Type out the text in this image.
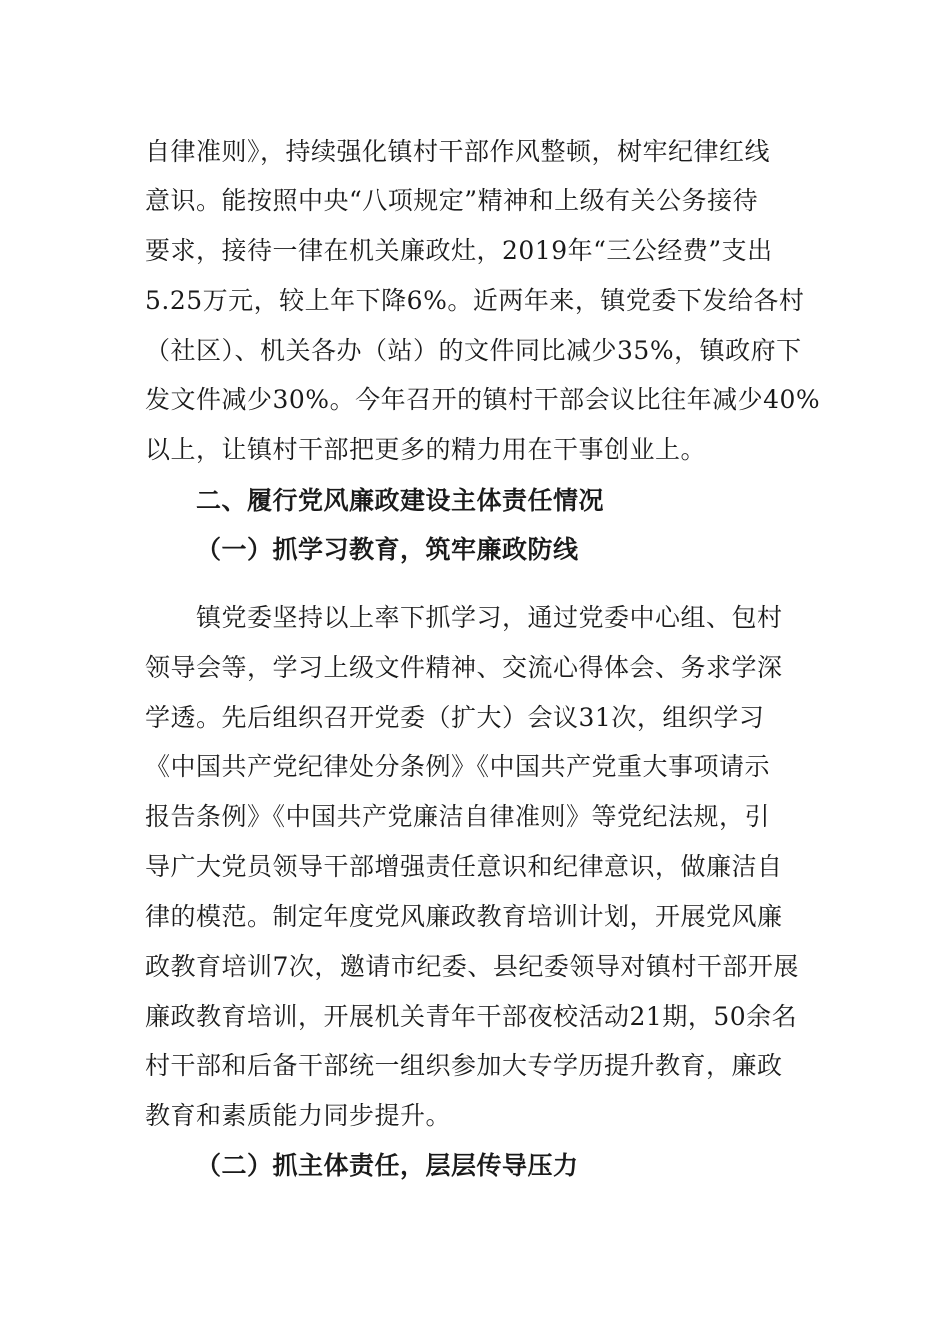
自律准则》，持续强化镇村干部作风整顿，树牢纪律红线
意识。能按照中央“八项规定”精神和上级有关公务接待
要求，接待一律在机关廉政灶，2019年“三公经费”支出
5.25万元，较上年下降6%。近两年来，镇党委下发给各村
（社区）、机关各办（站）的文件同比减少35%，镇政府下
发文件减少30%。今年召开的镇村干部会议比往年减少40%
以上，让镇村干部把更多的精力用在干事创业上。
二、履行党风廉政建设主体责任情况
（一）抓学习教育，筑牢廉政防线
镇党委坚持以上率下抓学习，通过党委中心组、包村
领导会等，学习上级文件精神、交流心得体会、务求学深
学透。先后组织召开党委（扩大）会议31次，组织学习
《中国共产党纪律处分条例》《中国共产党重大事项请示
报告条例》《中国共产党廉洁自律准则》等党纪法规，引
导广大党员领导干部增强责任意识和纪律意识，做廉洁自
律的模范。制定年度党风廉政教育培训计划，开展党风廉
政教育培训7次，邀请市纪委、县纪委领导对镇村干部开展
廉政教育培训，开展机关青年干部夜校活动21期，50余名
村干部和后备干部统一组织参加大专学历提升教育，廉政
教育和素质能力同步提升。
（二）抓主体责任，层层传导压力
